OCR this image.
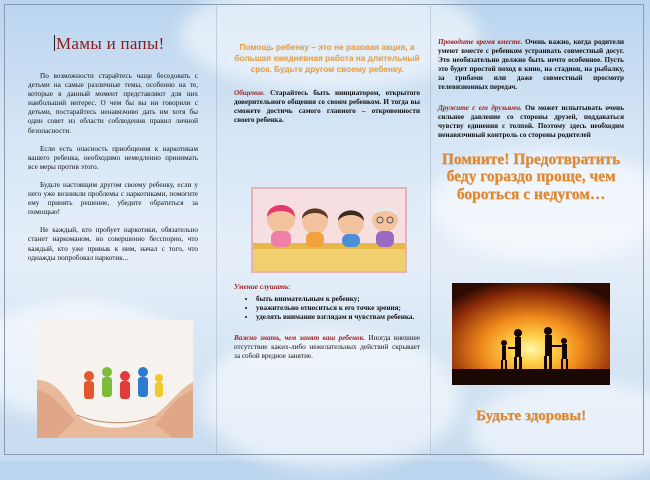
Мамы и папы!

По возможности старайтесь чаще беседовать с детьми на самые различные темы, особенно на те, которые в данный момент представляют для них наибольший интерес. О чем бы вы ни говорили с детьми, постарайтесь ненавязчиво дать им хотя бы один совет из области соблюдения правил личной безопасности.

Если есть опасность приобщения к наркотикам вашего ребенка, необходимо немедленно принимать все меры против этого.

Будьте настоящим другом своему ребенку, если у него уже возникли проблемы с наркотиками, помогите ему принять решение, убедите обратиться за помощью!

Не каждый, кто пробует наркотики, обязательно станет наркоманом, но совершенно бесспорно, что каждый, кто уже привык к ним, начал с того, что однажды попробовал наркотик...

Помощь ребенку – это не разовая акция, а большая ежедневная работа на длительный срок. Будьте другом своему ребенку.

Общение. Старайтесь быть инициатором, открытого доверительного общения со своим ребенком. И тогда вы сможете достичь самого главного – откровенности своего ребенка.

Умение слушать:

• быть внимательным к ребенку;
• уважительно относиться к его точке зрения;
• уделять внимание взглядам и чувствам ребенка.

Важно знать, чем занят ваш ребенок. Иногда внешнее отсутствие каких-либо нежелательных действий скрывает за собой вредное занятие.

Проводите время вместе. Очень важно, когда родители умеют вместе с ребенком устраивать совместный досуг. Это необязательно должно быть нечто особенное. Пусть это будет простой поход в кино, на стадион, на рыбалку, за грибами или даже совместный просмотр телевизионных передач.

Дружите с его друзьями. Он может испытывать очень сильное давление со стороны друзей, поддаваться чувству единения с толпой. Поэтому здесь необходим ненавязчивый контроль со стороны родителей

Помните! Предотвратить беду гораздо проще, чем бороться с недугом…
Будьте здоровы!
